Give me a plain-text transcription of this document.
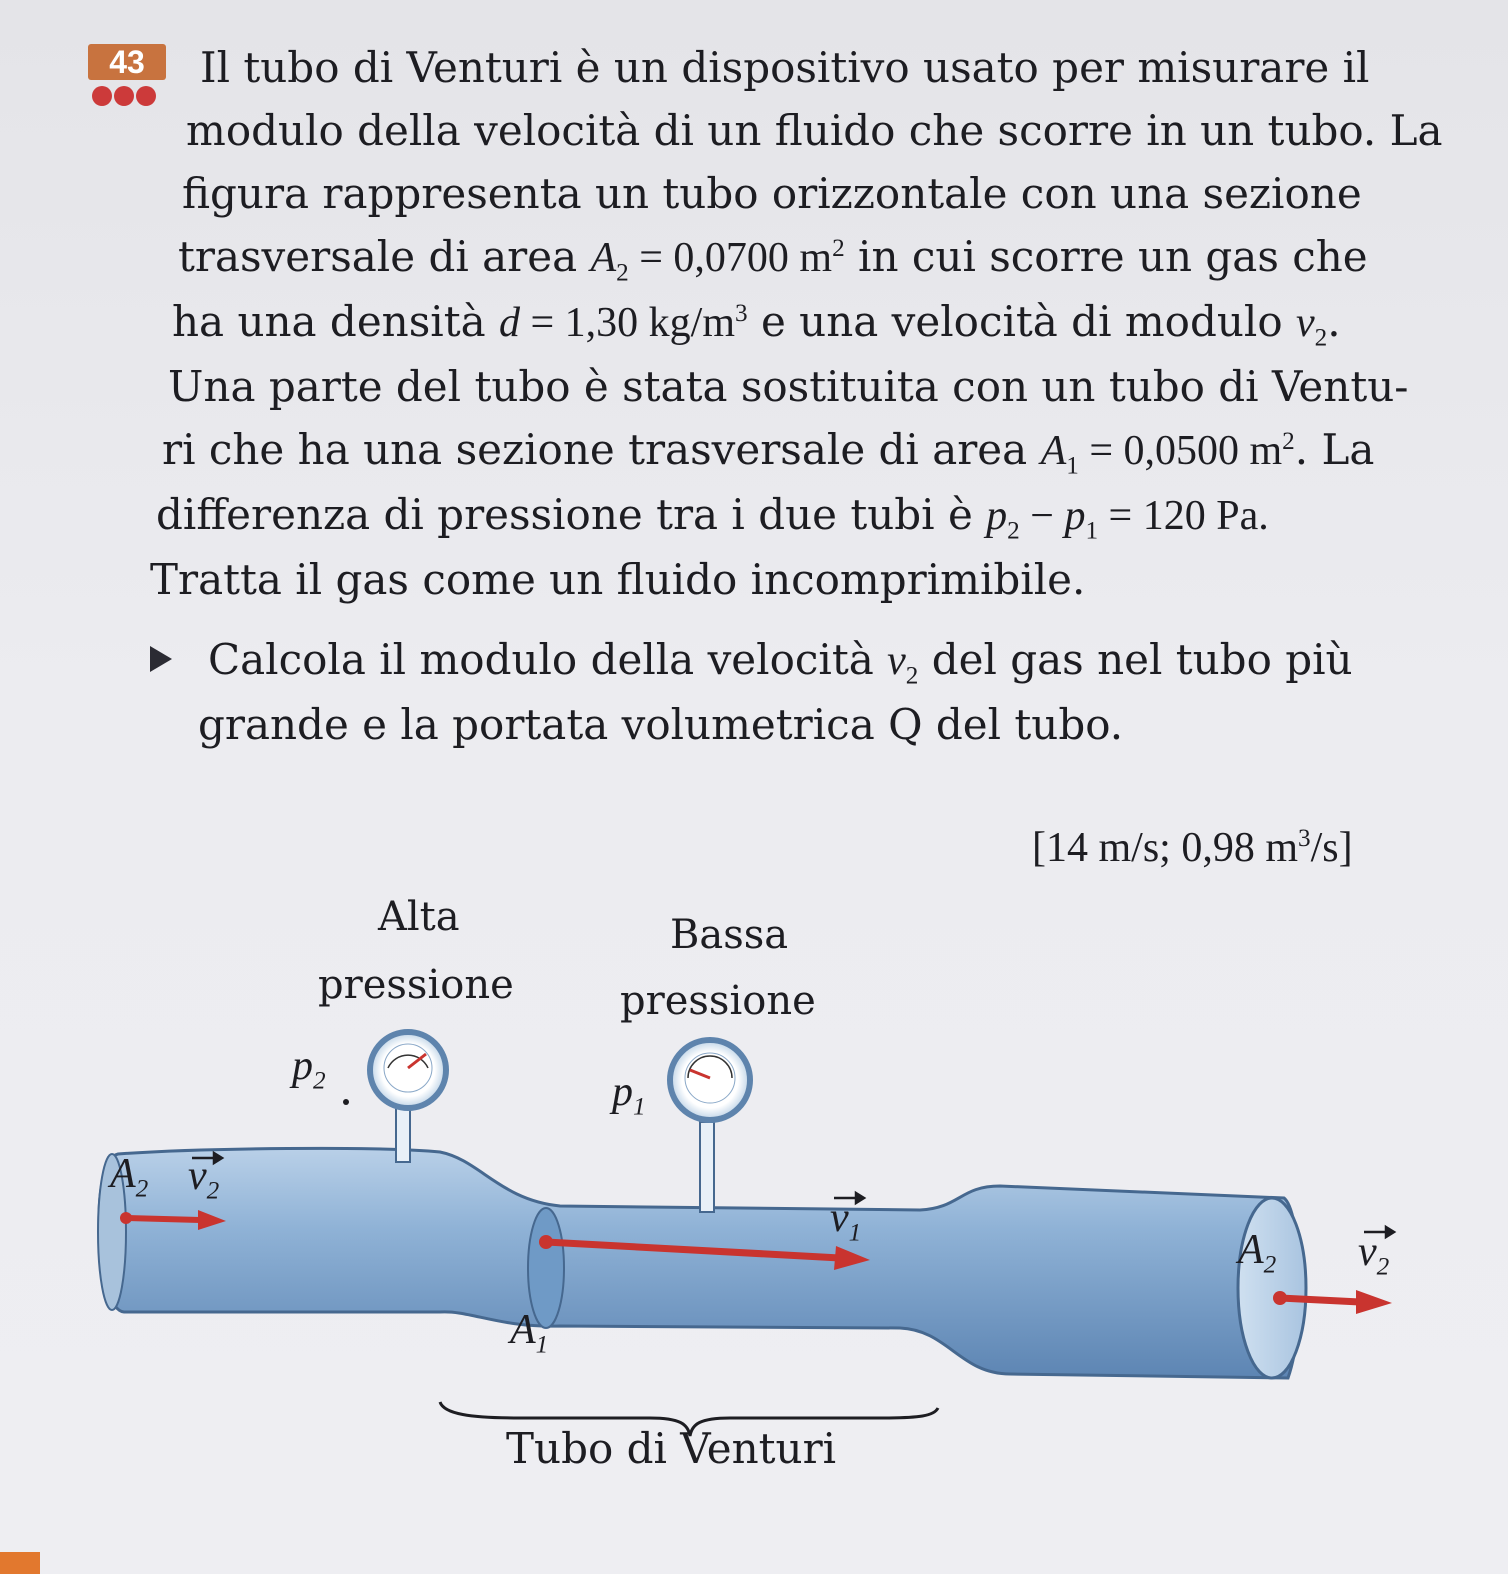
43	Il tubo di Venturi è un dispositivo usato per misurare il
modulo della velocità di un fluido che scorre in un tubo. La
figura rappresenta un tubo orizzontale con una sezione
trasversale di area $A_2 = 0,0700$ $m^2$ in cui scorre un gas che
ha una densità d = 1,30 $kg/m^3$ e una velocità di modulo $v_2$.
Una parte del tubo è stata sostituita con un tubo di Ventu-
ri che ha una sezione trasversale di area $A_1 = 0,0500$ $m^2$. La
differenza di pressione tra i due tubi è $p_2 - p_1 = 120$ Pa.
Tratta il gas come un fluido incomprimibile.
Calcola il modulo della velocità $v_2$ del gas nel tubo più
grande e la portata volumetrica Q del tubo.
[14 m/s; 0,98 $m^3/s$]
Alta
pressione
Bassa
pressione
$p_2$	$p_1$
$A_2$ $v_2$
$v_1$	$A_2$ $v_2$
$A_1$
Tubo di Venturi
